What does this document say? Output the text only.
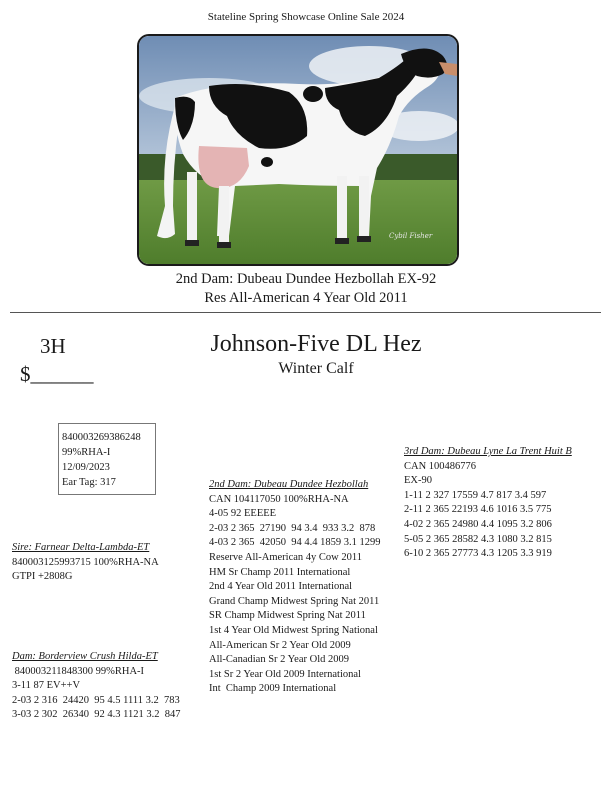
Stateline Spring Showcase Online Sale 2024
Cybil Fisher
2nd Dam: Dubeau Dundee Hezbollah EX-92
Res All-American 4 Year Old 2011
3H
$______
Johnson-Five DL Hez
Winter Calf
840003269386248
99%RHA-I
12/09/2023
Ear Tag: 317
Sire: Farnear Delta-Lambda-ET
840003125993715 100%RHA-NA
GTPI +2808G
Dam: Borderview Crush Hilda-ET
840003211848300 99%RHA-I
3-11 87 EV++V
2-03 2 316  24420  95 4.5 1111 3.2  783
3-03 2 302  26340  92 4.3 1121 3.2  847
2nd Dam: Dubeau Dundee Hezbollah
CAN 104117050 100%RHA-NA
4-05 92 EEEEE
2-03 2 365  27190  94 3.4  933 3.2  878
4-03 2 365  42050  94 4.4 1859 3.1 1299
Reserve All-American 4y Cow 2011
HM Sr Champ 2011 International
2nd 4 Year Old 2011 International
Grand Champ Midwest Spring Nat 2011
SR Champ Midwest Spring Nat 2011
1st 4 Year Old Midwest Spring National
All-American Sr 2 Year Old 2009
All-Canadian Sr 2 Year Old 2009
1st Sr 2 Year Old 2009 International
Int  Champ 2009 International
3rd Dam: Dubeau Lyne La Trent Huit B
CAN 100486776
EX-90
1-11 2 327 17559 4.7 817 3.4 597
2-11 2 365 22193 4.6 1016 3.5 775
4-02 2 365 24980 4.4 1095 3.2 806
5-05 2 365 28582 4.3 1080 3.2 815
6-10 2 365 27773 4.3 1205 3.3 919
